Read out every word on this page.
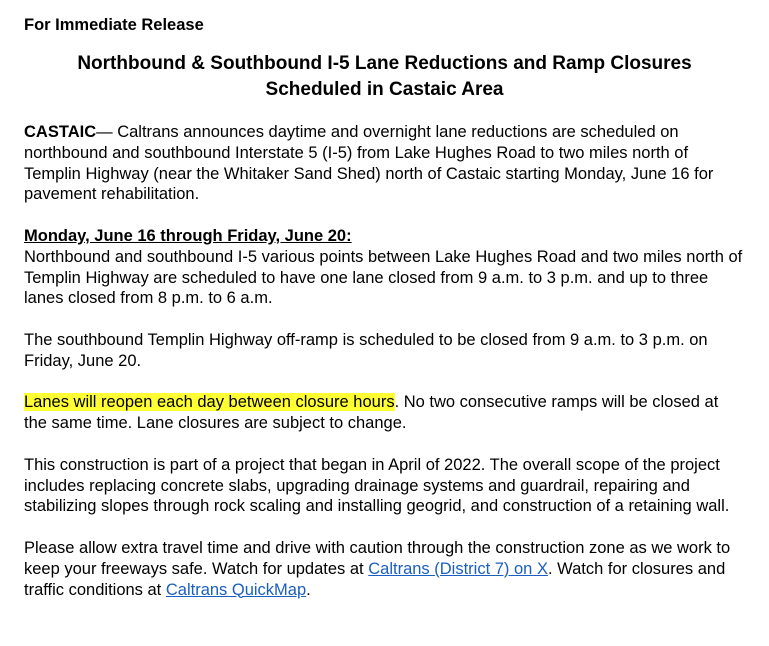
For Immediate Release

Northbound & Southbound I-5 Lane Reductions and Ramp Closures
Scheduled in Castaic Area

CASTAIC— Caltrans announces daytime and overnight lane reductions are scheduled on northbound and southbound Interstate 5 (I-5) from Lake Hughes Road to two miles north of Templin Highway (near the Whitaker Sand Shed) north of Castaic starting Monday, June 16 for pavement rehabilitation.

Monday, June 16 through Friday, June 20:

Northbound and southbound I-5 various points between Lake Hughes Road and two miles north of Templin Highway are scheduled to have one lane closed from 9 a.m. to 3 p.m. and up to three lanes closed from 8 p.m. to 6 a.m.

The southbound Templin Highway off-ramp is scheduled to be closed from 9 a.m. to 3 p.m. on Friday, June 20.

Lanes will reopen each day between closure hours. No two consecutive ramps will be closed at the same time. Lane closures are subject to change.

This construction is part of a project that began in April of 2022. The overall scope of the project includes replacing concrete slabs, upgrading drainage systems and guardrail, repairing and stabilizing slopes through rock scaling and installing geogrid, and construction of a retaining wall.

Please allow extra travel time and drive with caution through the construction zone as we work to keep your freeways safe. Watch for updates at Caltrans (District 7) on X. Watch for closures and traffic conditions at Caltrans QuickMap.
